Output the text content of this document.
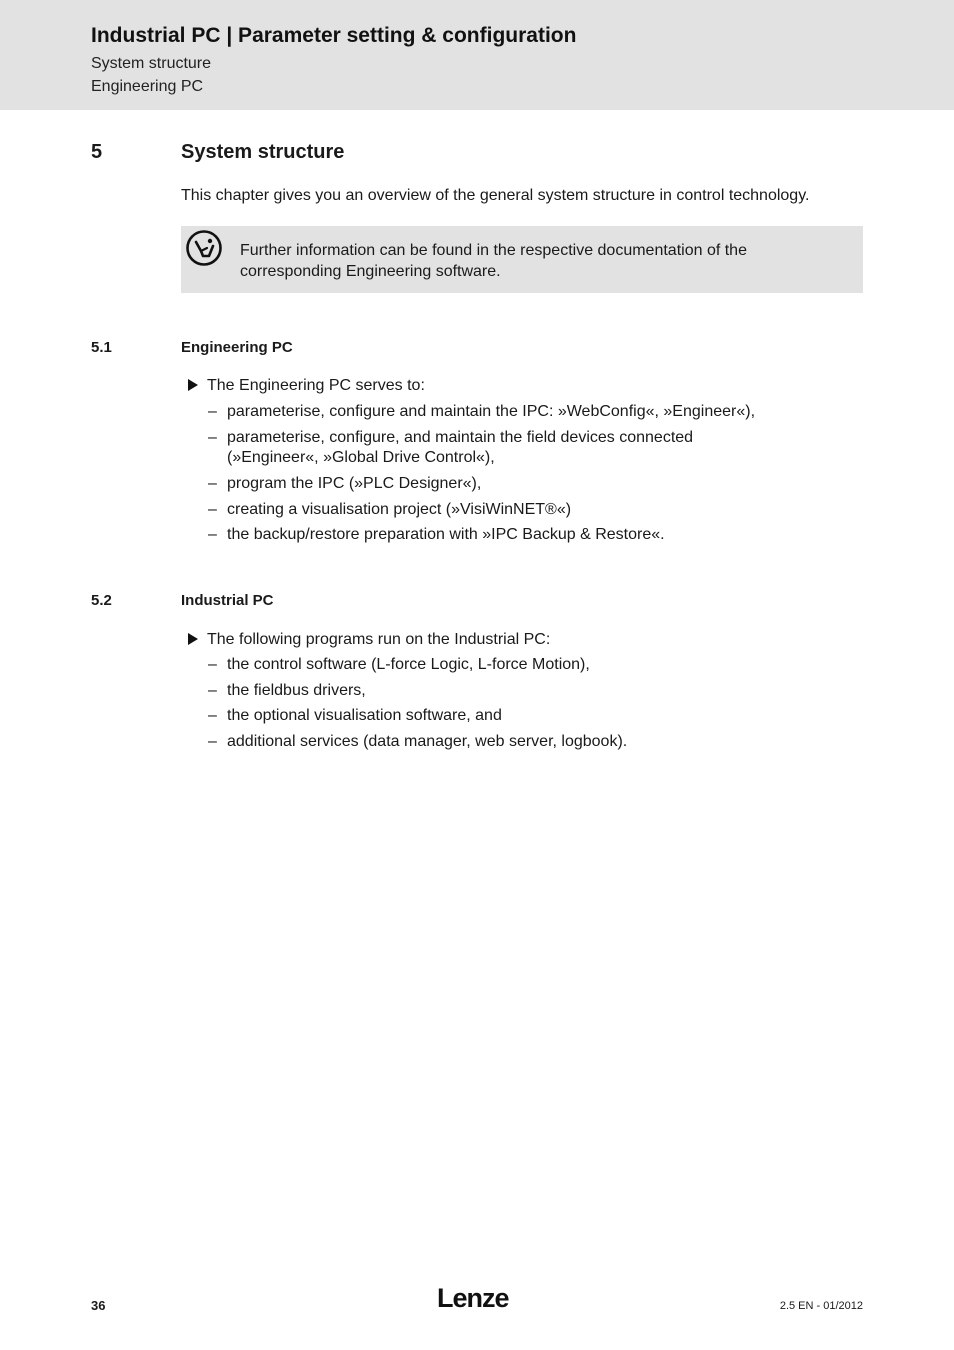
Industrial PC | Parameter setting & configuration
System structure
Engineering PC
5	System structure
This chapter gives you an overview of the general system structure in control technology.
Further information can be found in the respective documentation of the corresponding Engineering software.
5.1	Engineering PC
The Engineering PC serves to:
– parameterise, configure and maintain the IPC: »WebConfig«, »Engineer«),
– parameterise, configure, and maintain the field devices connected (»Engineer«, »Global Drive Control«),
– program the IPC (»PLC Designer«),
– creating a visualisation project (»VisiWinNET®«)
– the backup/restore preparation with »IPC Backup & Restore«.
5.2	Industrial PC
The following programs run on the Industrial PC:
– the control software (L-force Logic, L-force Motion),
– the fieldbus drivers,
– the optional visualisation software, and
– additional services (data manager, web server, logbook).
36	Lenze	2.5 EN - 01/2012
